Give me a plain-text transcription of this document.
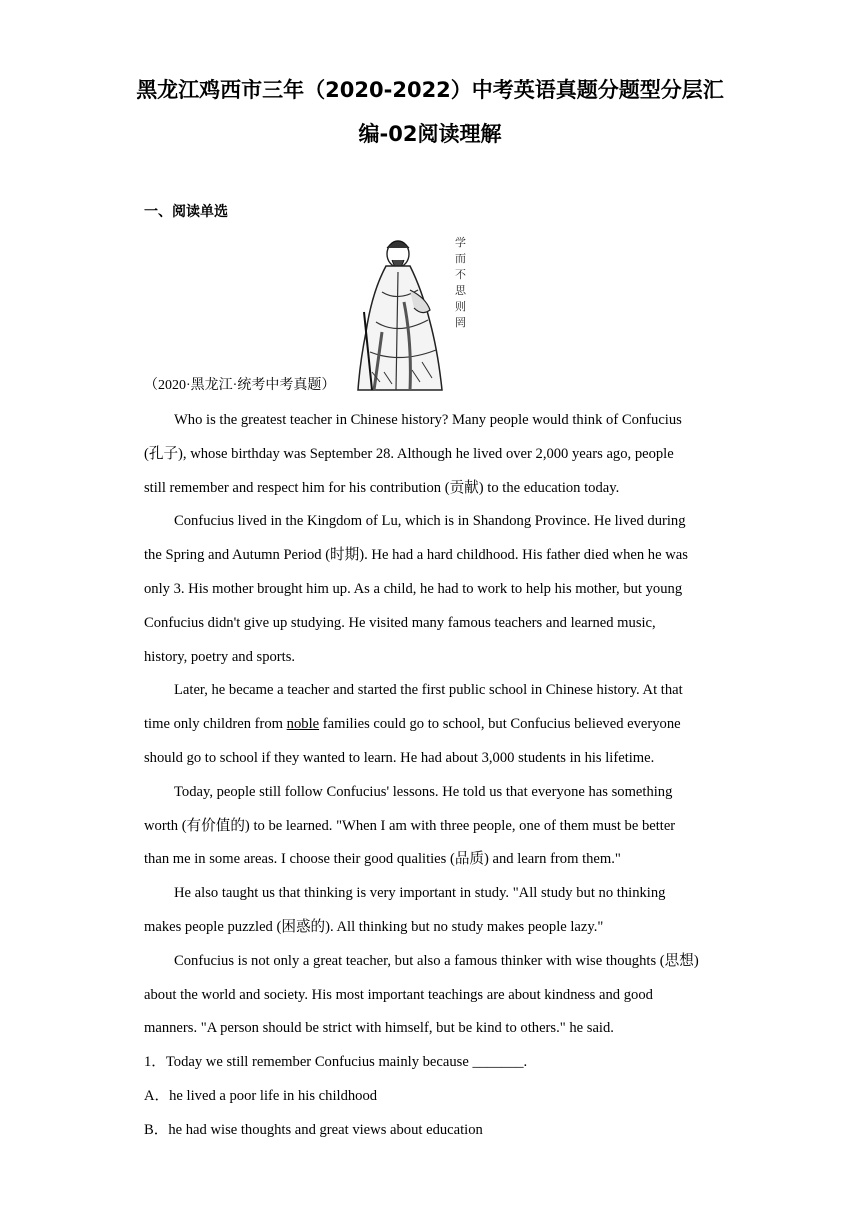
黑龙江鸡西市三年（2020-2022）中考英语真题分题型分层汇
编-02阅读理解
一、阅读单选
学
而
不
思
则
罔
（2020·黑龙江·统考中考真题）

Who is the greatest teacher in Chinese history? Many people would think of Confucius
(孔子), whose birthday was September 28. Although he lived over 2,000 years ago, people
still remember and respect him for his contribution (贡献) to the education today.

Confucius lived in the Kingdom of Lu, which is in Shandong Province. He lived during
the Spring and Autumn Period (时期). He had a hard childhood. His father died when he was
only 3. His mother brought him up. As a child, he had to work to help his mother, but young
Confucius didn't give up studying. He visited many famous teachers and learned music,
history, poetry and sports.

Later, he became a teacher and started the first public school in Chinese history. At that
time only children from noble families could go to school, but Confucius believed everyone
should go to school if they wanted to learn. He had about 3,000 students in his lifetime.

Today, people still follow Confucius' lessons. He told us that everyone has something
worth (有价值的) to be learned. "When I am with three people, one of them must be better
than me in some areas. I choose their good qualities (品质) and learn from them."

He also taught us that thinking is very important in study. "All study but no thinking
makes people puzzled (困惑的). All thinking but no study makes people lazy."

Confucius is not only a great teacher, but also a famous thinker with wise thoughts (思想)
about the world and society. His most important teachings are about kindness and good
manners. "A person should be strict with himself, but be kind to others." he said.

1．Today we still remember Confucius mainly because _______.

A．he lived a poor life in his childhood

B．he had wise thoughts and great views about education
